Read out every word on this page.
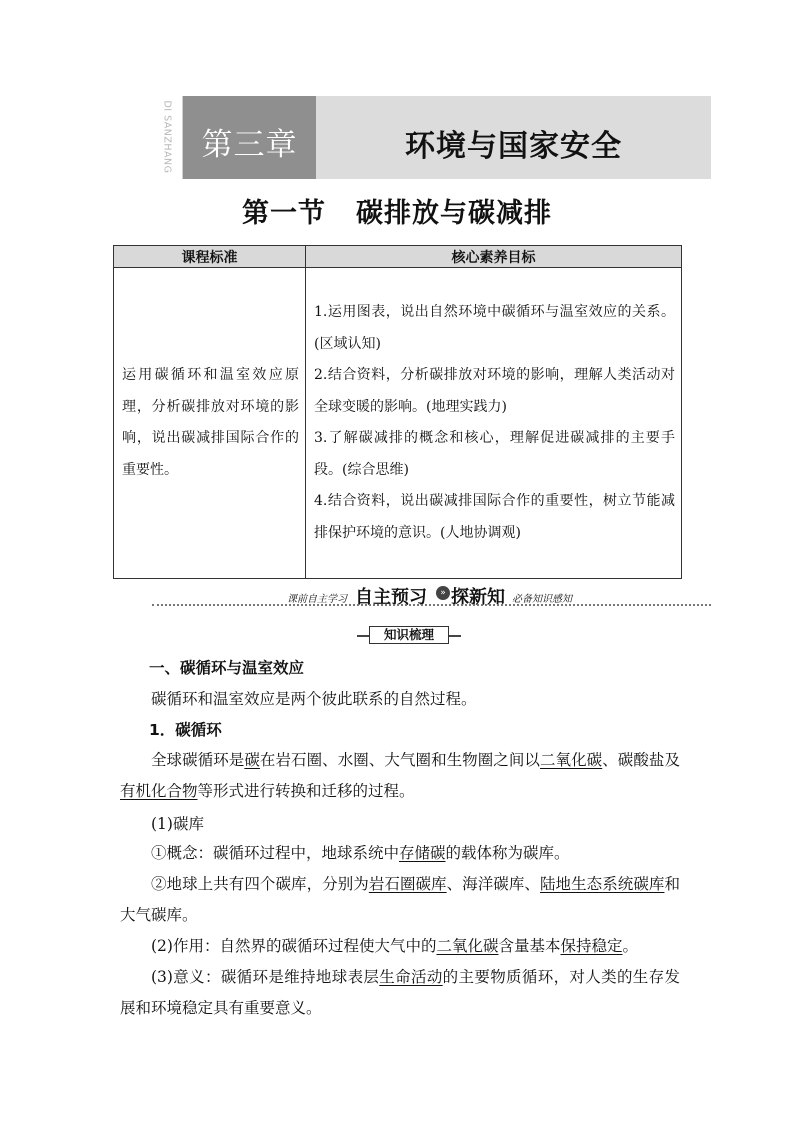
DI SANZHANG 第三章	环境与国家安全
第一节 碳排放与碳减排
课程标准	核心素养目标
运用碳循环和温室效应原理，分析碳排放对环境的影响，说出碳减排国际合作的重要性。	1.运用图表，说出自然环境中碳循环与温室效应的关系。(区域认知)
2.结合资料，分析碳排放对环境的影响，理解人类活动对全球变暖的影响。(地理实践力)
3.了解碳减排的概念和核心，理解促进碳减排的主要手段。(综合思维)
4.结合资料，说出碳减排国际合作的重要性，树立节能减排保护环境的意识。(人地协调观)
课前自主学习 自主预习	» 探新知 必备知识感知
知识梳理
一、碳循环与温室效应
碳循环和温室效应是两个彼此联系的自然过程。
1．碳循环
全球碳循环是碳在岩石圈、水圈、大气圈和生物圈之间以二氧化碳、碳酸盐及有机化合物等形式进行转换和迁移的过程。
(1)碳库
①概念：碳循环过程中，地球系统中存储碳的载体称为碳库。
②地球上共有四个碳库，分别为岩石圈碳库、海洋碳库、陆地生态系统碳库和大气碳库。
(2)作用：自然界的碳循环过程使大气中的二氧化碳含量基本保持稳定。
(3)意义：碳循环是维持地球表层生命活动的主要物质循环，对人类的生存发展和环境稳定具有重要意义。
